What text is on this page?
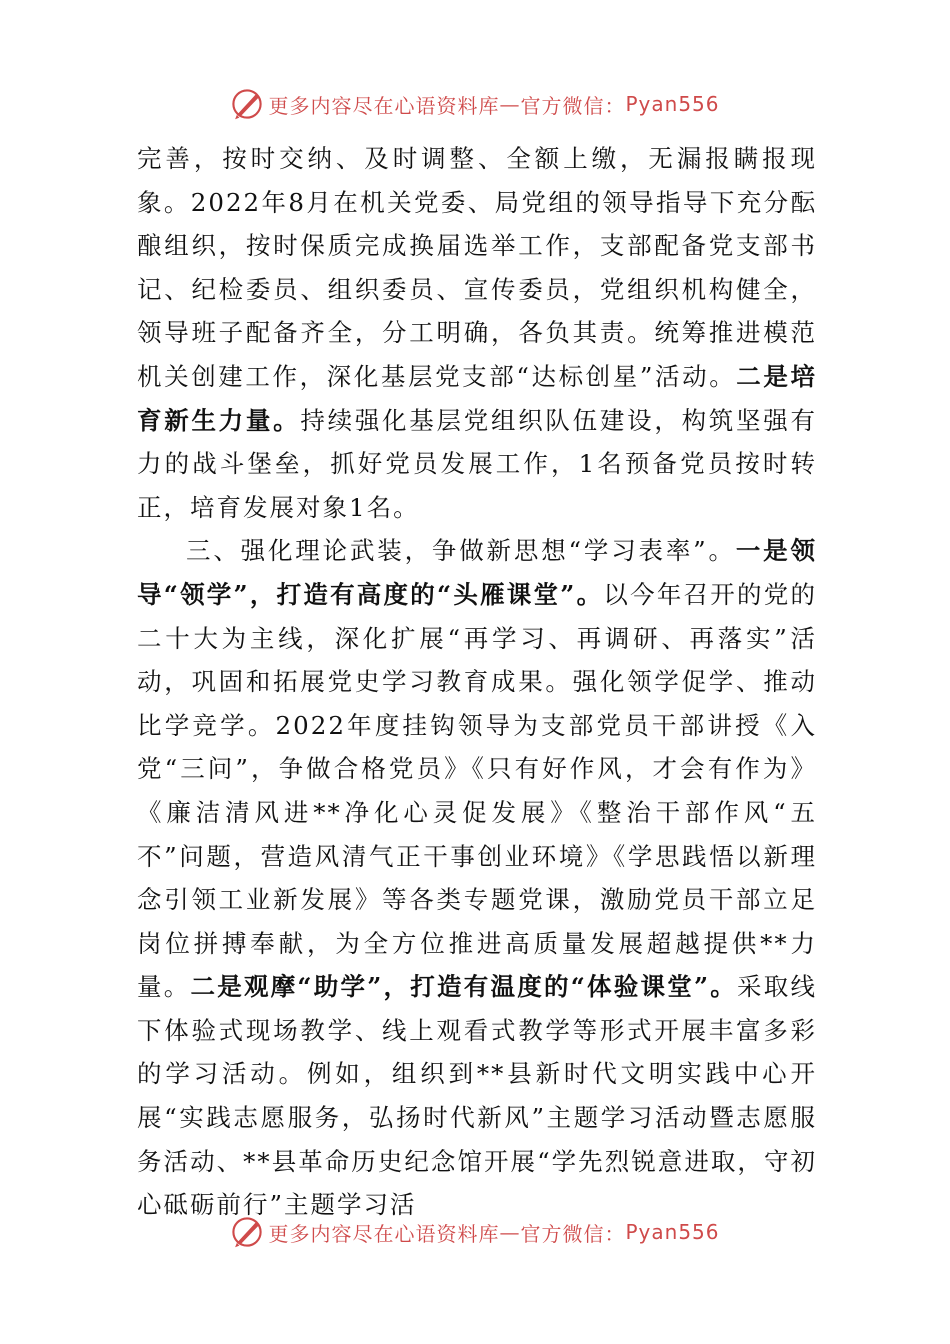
更多内容尽在心语资料库 — 官方微信： Pyan556

完善，按时交纳、及时调整、全额上缴，无漏报瞒报现象。2022年8月在机关党委、局党组的领导指导下充分酝酿组织，按时保质完成换届选举工作，支部配备党支部书记、纪检委员、组织委员、宣传委员，党组织机构健全，领导班子配备齐全，分工明确，各负其责。统筹推进模范机关创建工作，深化基层党支部“达标创星”活动。二是培育新生力量。持续强化基层党组织队伍建设，构筑坚强有力的战斗堡垒，抓好党员发展工作，1名预备党员按时转正，培育发展对象1名。

三、强化理论武装，争做新思想“学习表率”。一是领导“领学”，打造有高度的“头雁课堂”。以今年召开的党的二十大为主线，深化扩展“再学习、再调研、再落实”活动，巩固和拓展党史学习教育成果。强化领学促学、推动比学竞学。2022年度挂钩领导为支部党员干部讲授《入党“三问”，争做合格党员》《只有好作风，才会有作为》《廉洁清风进**净化心灵促发展》《整治干部作风“五不”问题，营造风清气正干事创业环境》《学思践悟以新理念引领工业新发展》等各类专题党课，激励党员干部立足岗位拼搏奉献，为全方位推进高质量发展超越提供**力量。二是观摩“助学”，打造有温度的“体验课堂”。采取线下体验式现场教学、线上观看式教学等形式开展丰富多彩的学习活动。例如，组织到**县新时代文明实践中心开展“实践志愿服务，弘扬时代新风”主题学习活动暨志愿服务活动、**县革命历史纪念馆开展“学先烈锐意进取，守初心砥砺前行”主题学习活

更多内容尽在心语资料库 — 官方微信： Pyan556
